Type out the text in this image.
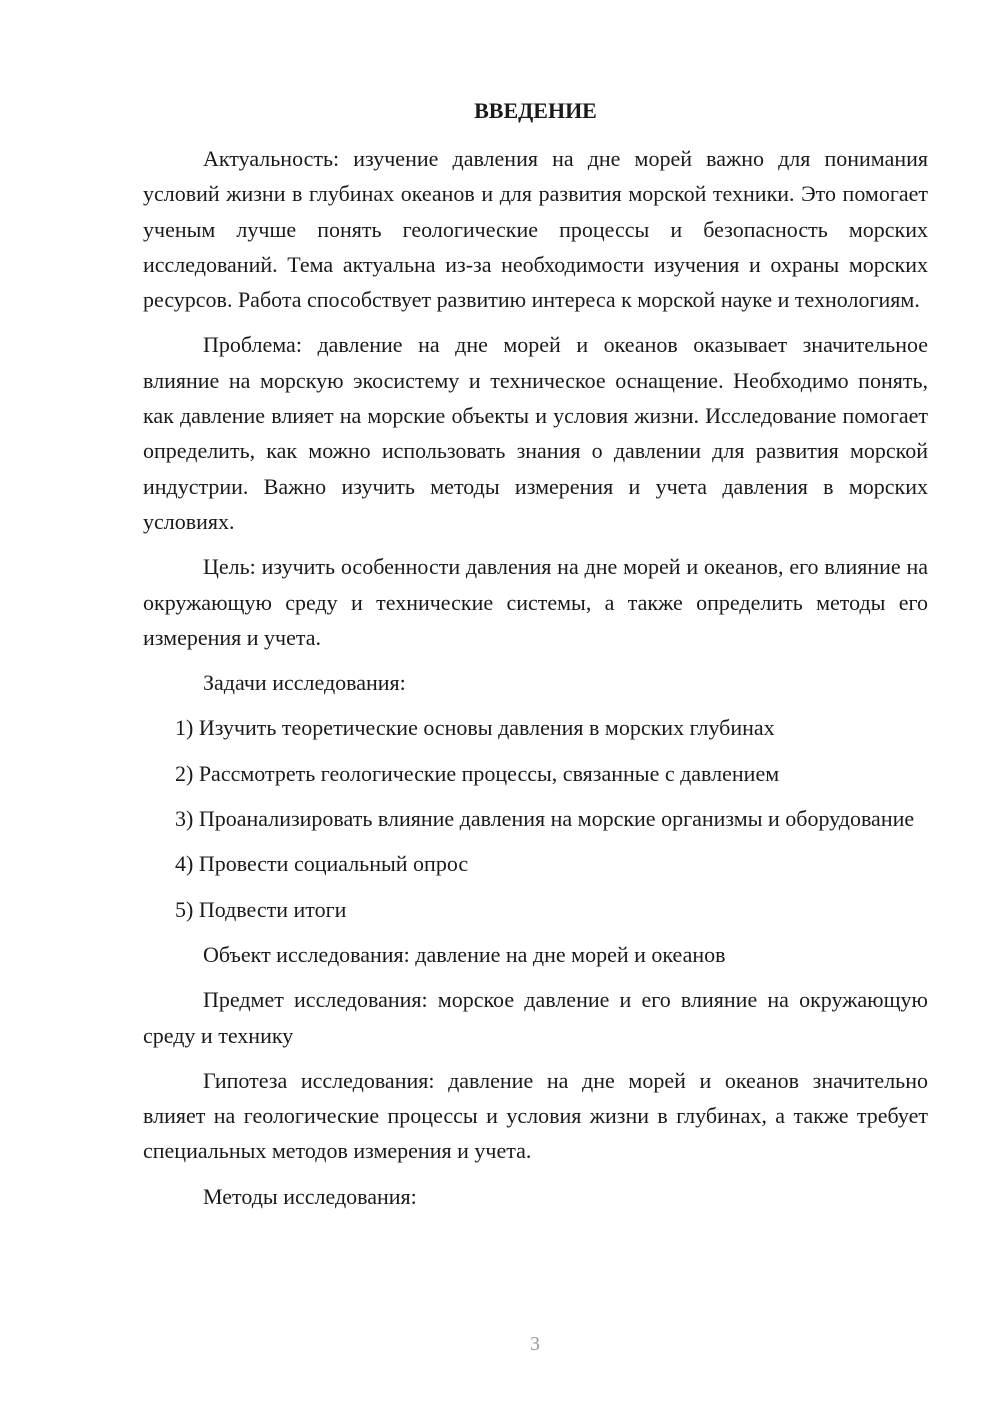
ВВЕДЕНИЕ

Актуальность: изучение давления на дне морей важно для понимания условий жизни в глубинах океанов и для развития морской техники. Это помогает ученым лучше понять геологические процессы и безопасность морских исследований. Тема актуальна из-за необходимости изучения и охраны морских ресурсов. Работа способствует развитию интереса к морской науке и технологиям.

Проблема: давление на дне морей и океанов оказывает значительное влияние на морскую экосистему и техническое оснащение. Необходимо понять, как давление влияет на морские объекты и условия жизни. Исследование помогает определить, как можно использовать знания о давлении для развития морской индустрии. Важно изучить методы измерения и учета давления в морских условиях.

Цель: изучить особенности давления на дне морей и океанов, его влияние на окружающую среду и технические системы, а также определить методы его измерения и учета.

Задачи исследования:

1) Изучить теоретические основы давления в морских глубинах

2) Рассмотреть геологические процессы, связанные с давлением

3) Проанализировать влияние давления на морские организмы и оборудование

4) Провести социальный опрос

5) Подвести итоги

Объект исследования: давление на дне морей и океанов

Предмет исследования: морское давление и его влияние на окружающую среду и технику

Гипотеза исследования: давление на дне морей и океанов значительно влияет на геологические процессы и условия жизни в глубинах, а также требует специальных методов измерения и учета.

Методы исследования:

3
